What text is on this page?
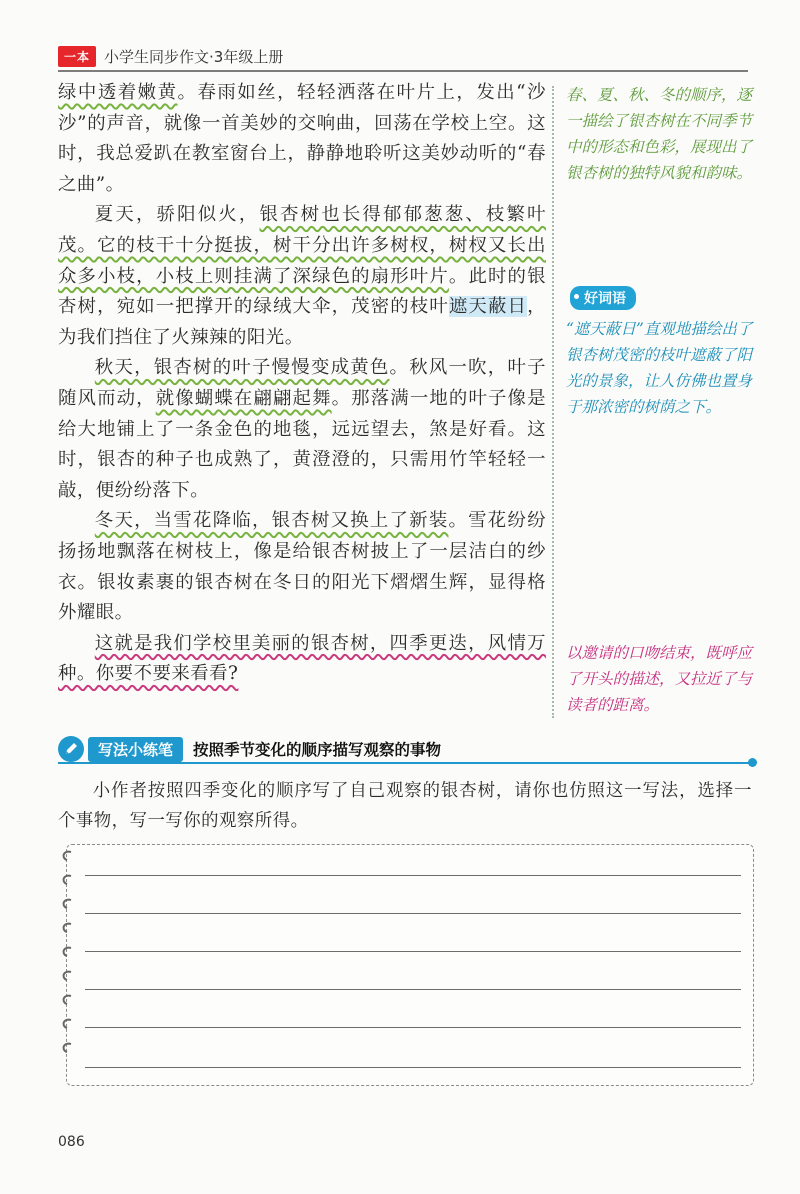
一本 小学生同步作文·3年级上册

绿中透着嫩黄。春雨如丝，轻轻洒落在叶片上，发出“沙沙”的声音，就像一首美妙的交响曲，回荡在学校上空。这时，我总爱趴在教室窗台上，静静地聆听这美妙动听的“春之曲”。

夏天，骄阳似火，银杏树也长得郁郁葱葱、枝繁叶茂。它的枝干十分挺拔，树干分出许多树杈，树杈又长出众多小枝，小枝上则挂满了深绿色的扇形叶片。此时的银杏树，宛如一把撑开的绿绒大伞，茂密的枝叶遮天蔽日，为我们挡住了火辣辣的阳光。

秋天，银杏树的叶子慢慢变成黄色。秋风一吹，叶子随风而动，就像蝴蝶在翩翩起舞。那落满一地的叶子像是给大地铺上了一条金色的地毯，远远望去，煞是好看。这时，银杏的种子也成熟了，黄澄澄的，只需用竹竿轻轻一敲，便纷纷落下。

冬天，当雪花降临，银杏树又换上了新装。雪花纷纷扬扬地飘落在树枝上，像是给银杏树披上了一层洁白的纱衣。银妆素裹的银杏树在冬日的阳光下熠熠生辉，显得格外耀眼。

这就是我们学校里美丽的银杏树，四季更迭，风情万种。你要不要来看看?

春、夏、秋、冬的顺序，逐一描绘了银杏树在不同季节中的形态和色彩，展现出了银杏树的独特风貌和韵味。
好词语
“遮天蔽日”直观地描绘出了银杏树茂密的枝叶遮蔽了阳光的景象，让人仿佛也置身于那浓密的树荫之下。
以邀请的口吻结束，既呼应了开头的描述，又拉近了与读者的距离。
写法小练笔	按照季节变化的顺序描写观察的事物

小作者按照四季变化的顺序写了自己观察的银杏树，请你也仿照这一写法，选择一个事物，写一写你的观察所得。

086
